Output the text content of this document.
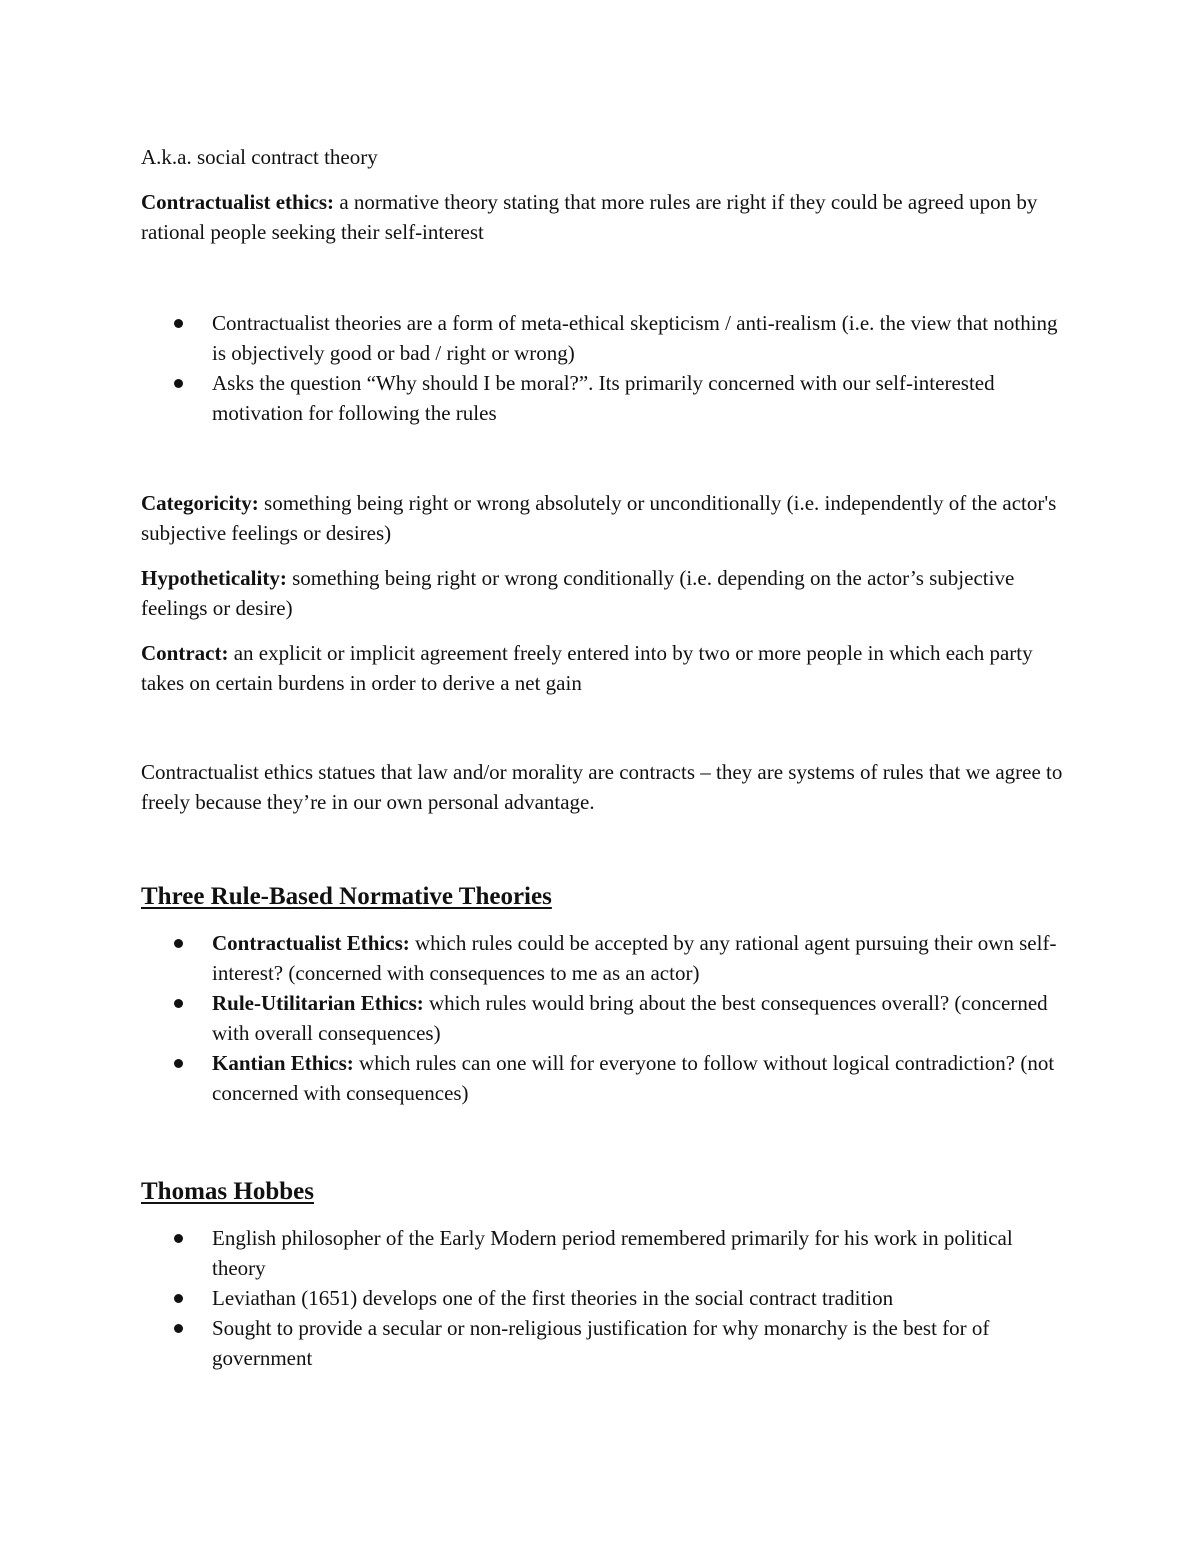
A.k.a. social contract theory

Contractualist ethics: a normative theory stating that more rules are right if they could be agreed upon by rational people seeking their self-interest

Contractualist theories are a form of meta-ethical skepticism / anti-realism (i.e. the view that nothing is objectively good or bad / right or wrong)
Asks the question “Why should I be moral?”. Its primarily concerned with our self-interested motivation for following the rules

Categoricity: something being right or wrong absolutely or unconditionally (i.e. independently of the actor's subjective feelings or desires)

Hypotheticality: something being right or wrong conditionally (i.e. depending on the actor’s subjective feelings or desire)

Contract: an explicit or implicit agreement freely entered into by two or more people in which each party takes on certain burdens in order to derive a net gain

Contractualist ethics statues that law and/or morality are contracts – they are systems of rules that we agree to freely because they’re in our own personal advantage.

Three Rule-Based Normative Theories
Contractualist Ethics: which rules could be accepted by any rational agent pursuing their own self-interest? (concerned with consequences to me as an actor)
Rule-Utilitarian Ethics: which rules would bring about the best consequences overall? (concerned with overall consequences)
Kantian Ethics: which rules can one will for everyone to follow without logical contradiction? (not concerned with consequences)
Thomas Hobbes
English philosopher of the Early Modern period remembered primarily for his work in political theory
Leviathan (1651) develops one of the first theories in the social contract tradition
Sought to provide a secular or non-religious justification for why monarchy is the best for of government
